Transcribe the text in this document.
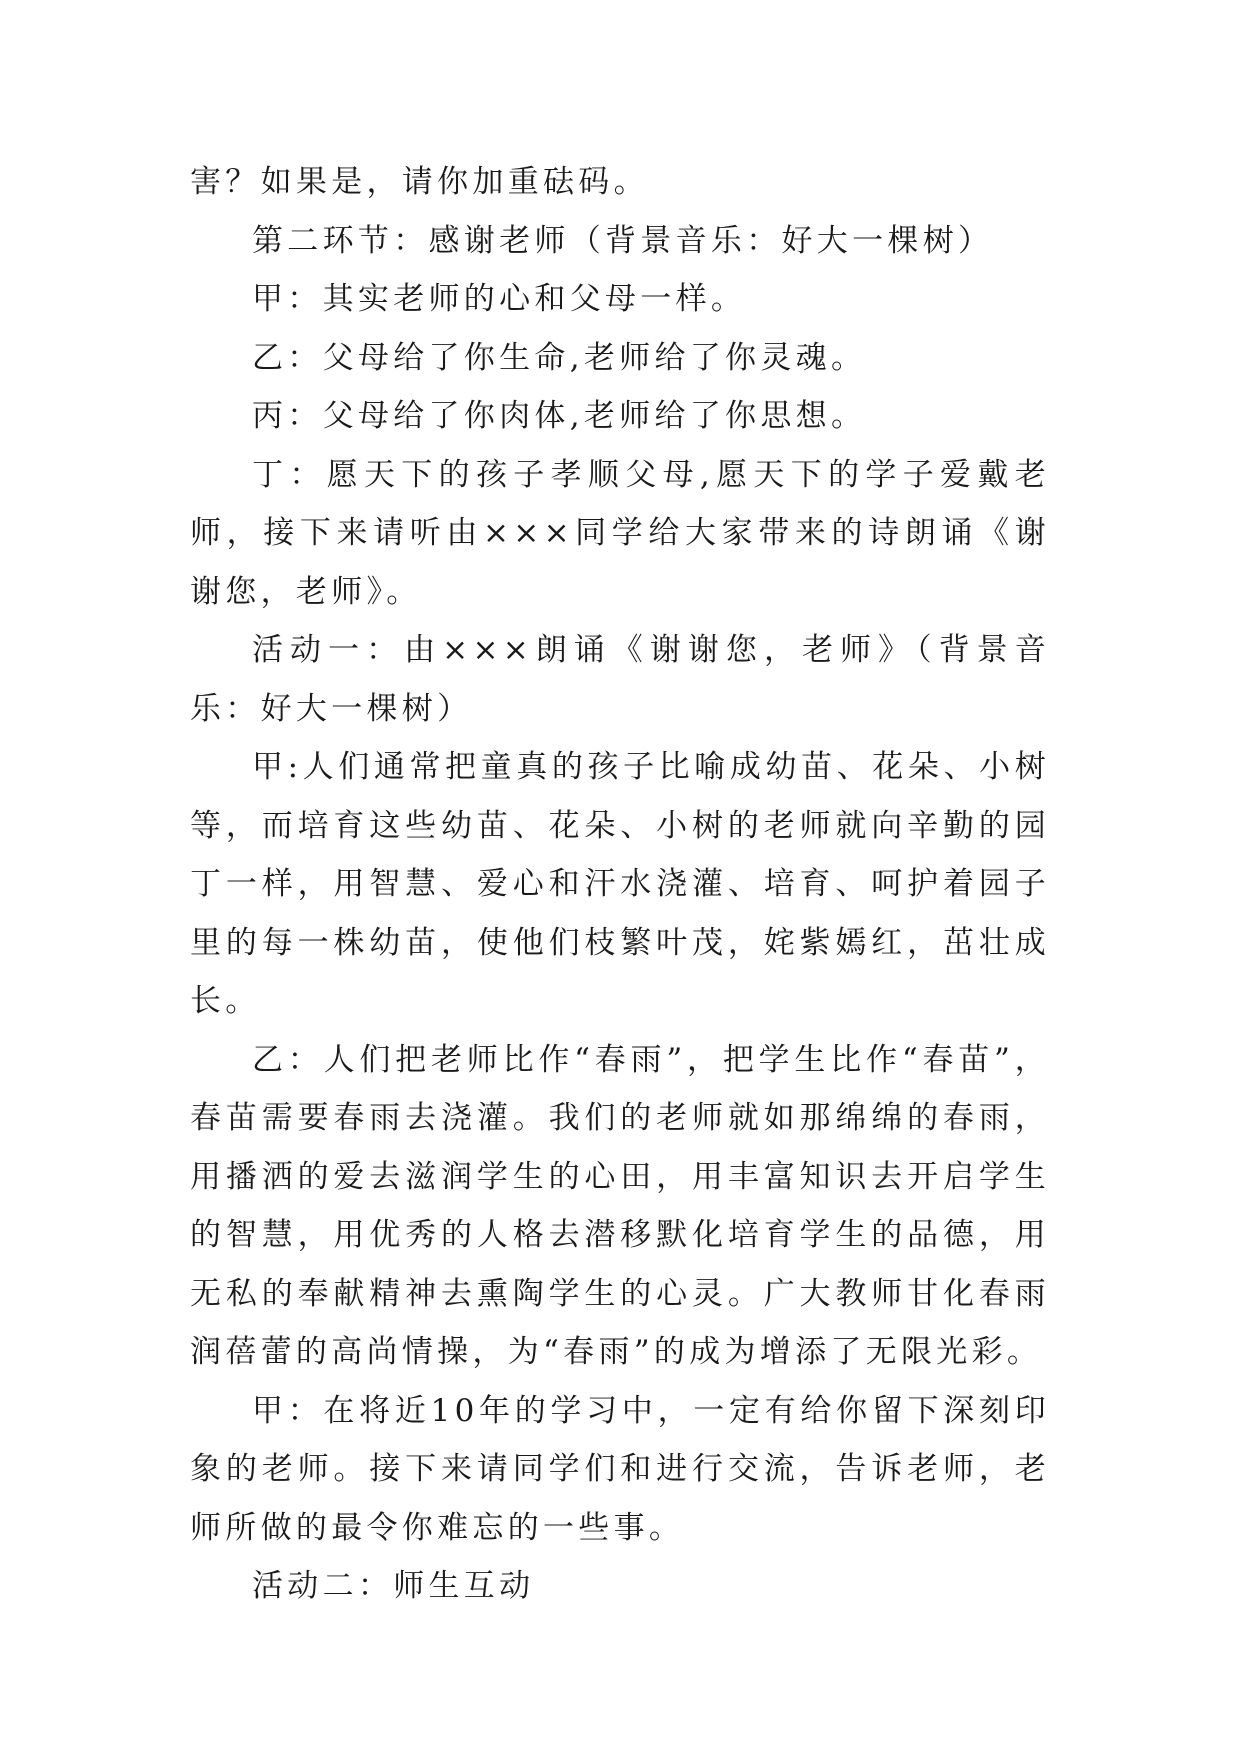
害？如果是，请你加重砝码。

第二环节：感谢老师（背景音乐：好大一棵树）

甲：其实老师的心和父母一样。

乙：父母给了你生命,老师给了你灵魂。

丙：父母给了你肉体,老师给了你思想。

丁：愿天下的孩子孝顺父母,愿天下的学子爱戴老师，接下来请听由×××同学给大家带来的诗朗诵《谢谢您，老师》。

活动一：由×××朗诵《谢谢您，老师》（背景音乐：好大一棵树）

甲:人们通常把童真的孩子比喻成幼苗、花朵、小树等，而培育这些幼苗、花朵、小树的老师就向辛勤的园丁一样，用智慧、爱心和汗水浇灌、培育、呵护着园子里的每一株幼苗，使他们枝繁叶茂，姹紫嫣红，茁壮成长。

乙：人们把老师比作“春雨”，把学生比作“春苗”，春苗需要春雨去浇灌。我们的老师就如那绵绵的春雨，用播洒的爱去滋润学生的心田，用丰富知识去开启学生的智慧，用优秀的人格去潜移默化培育学生的品德，用无私的奉献精神去熏陶学生的心灵。广大教师甘化春雨润蓓蕾的高尚情操，为“春雨”的成为增添了无限光彩。

甲：在将近10年的学习中，一定有给你留下深刻印象的老师。接下来请同学们和进行交流，告诉老师，老师所做的最令你难忘的一些事。

活动二：师生互动
